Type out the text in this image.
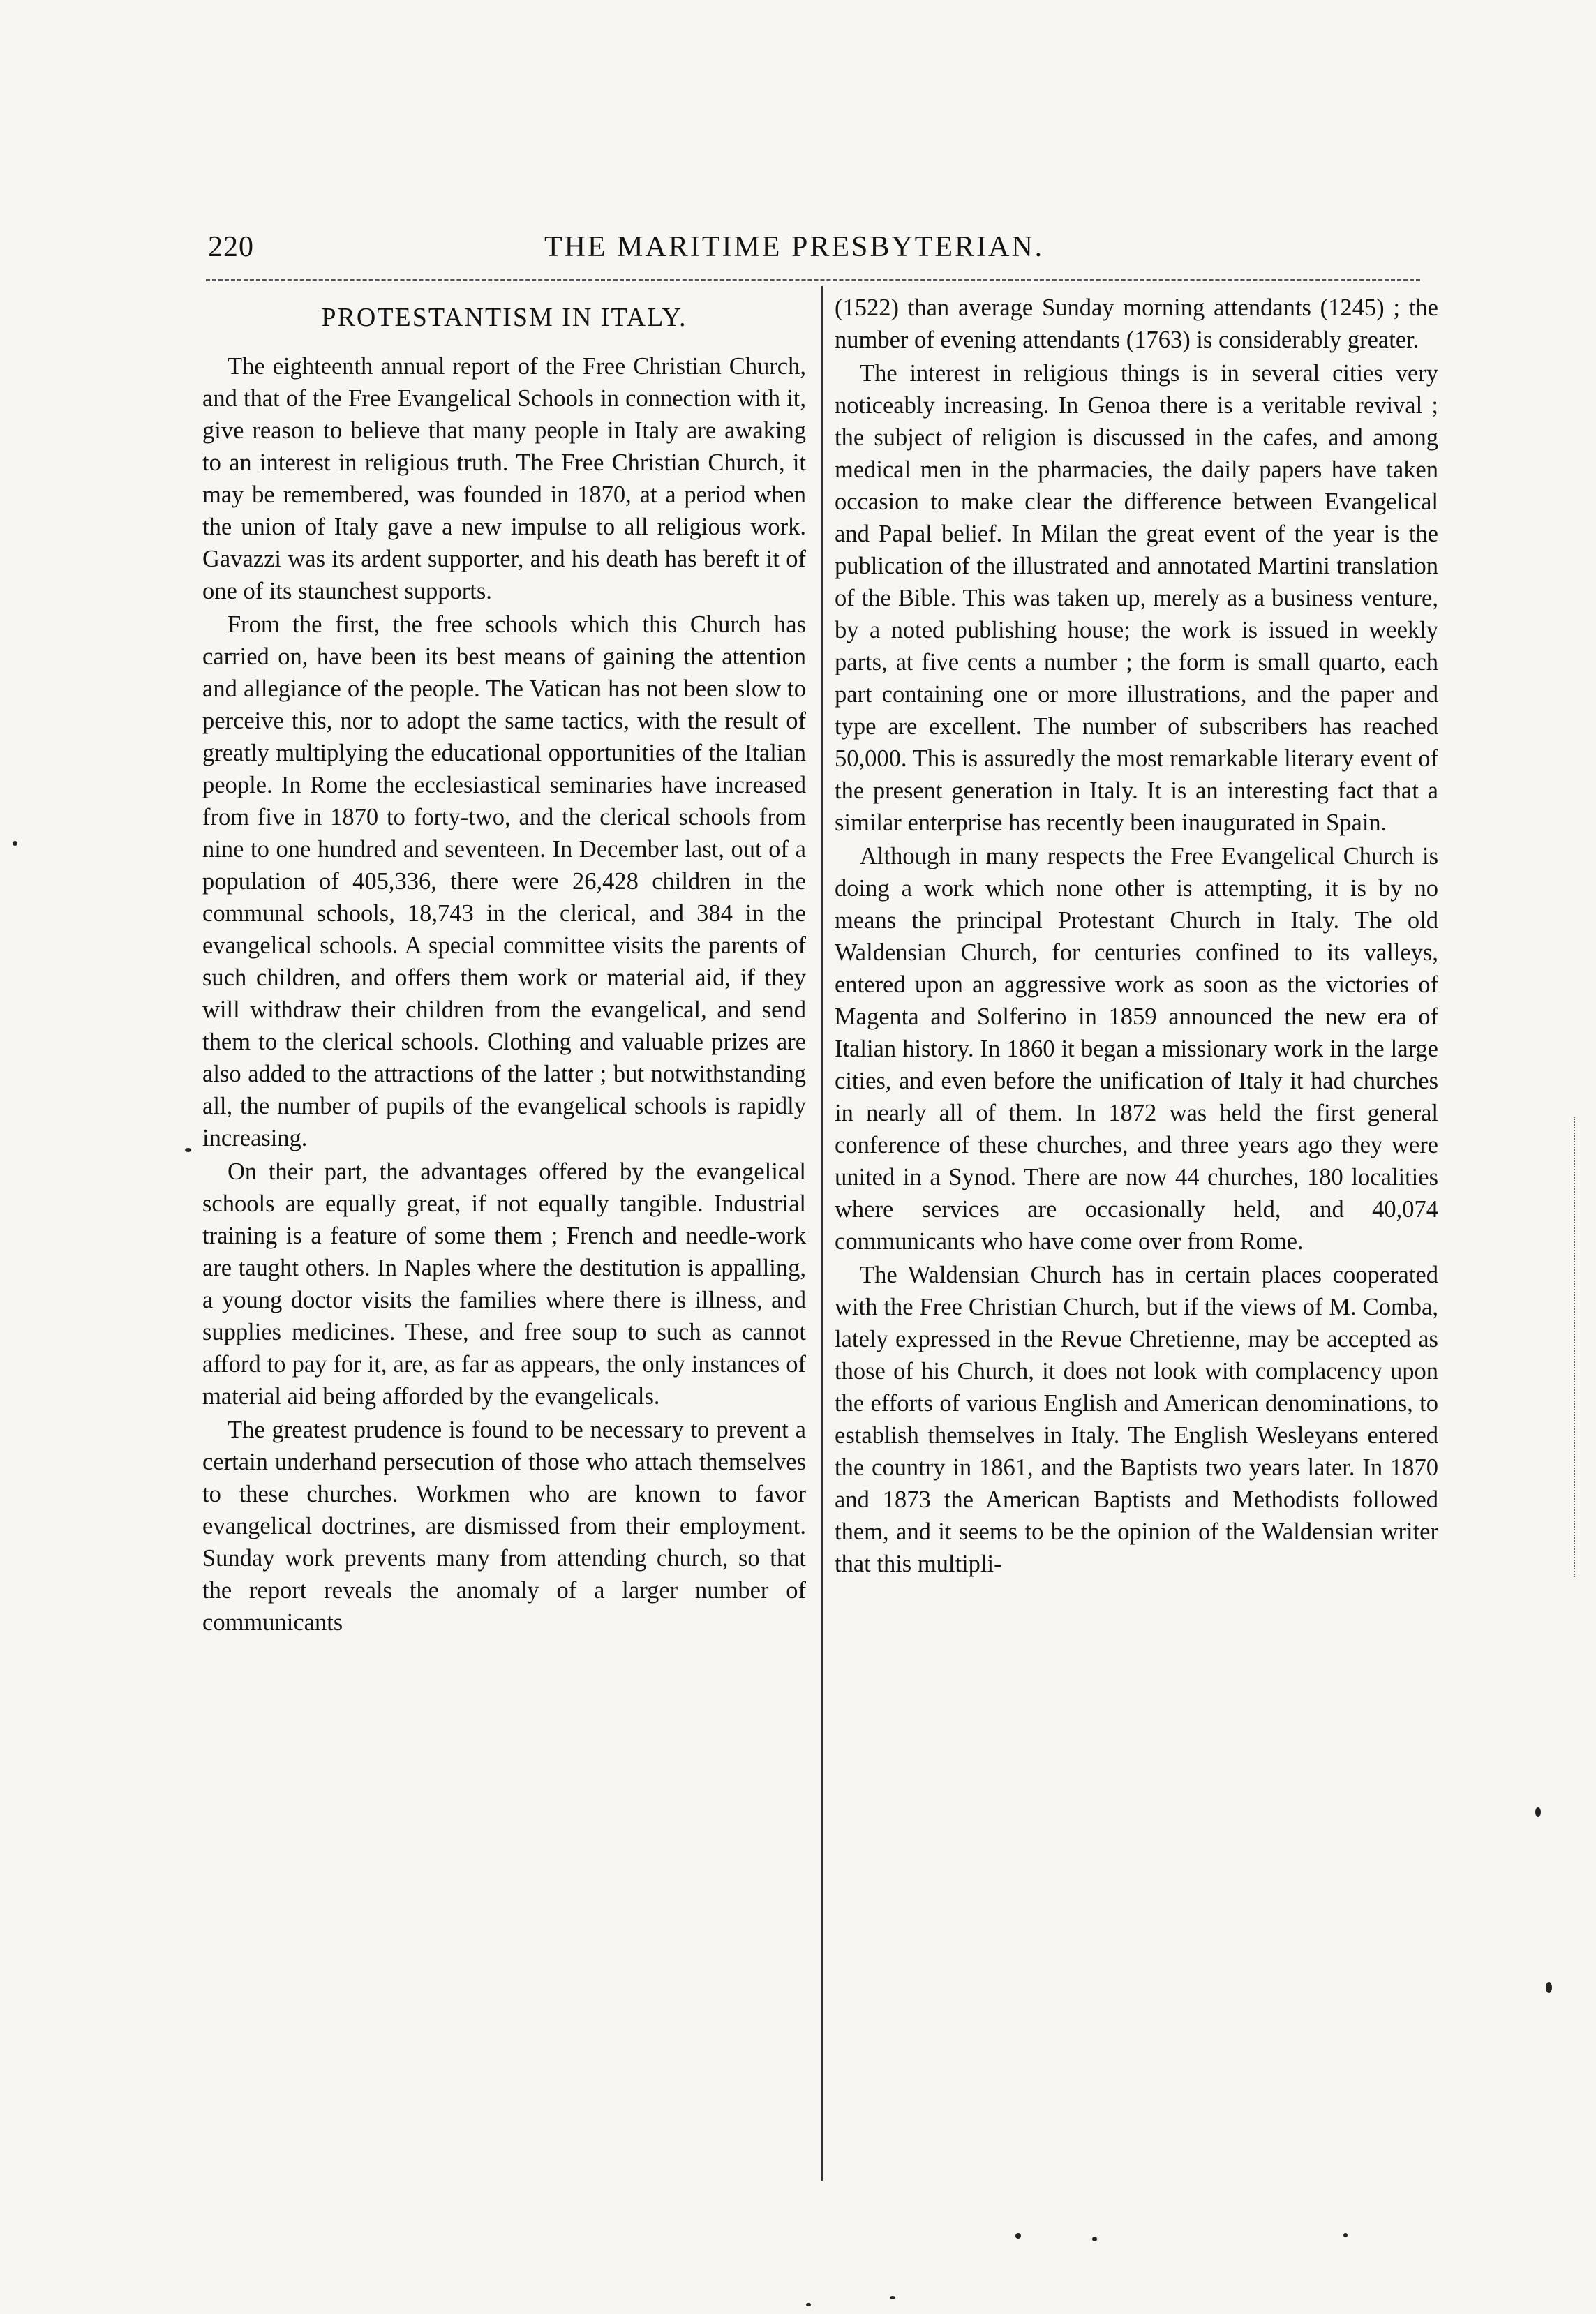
220	THE MARITIME PRESBYTERIAN.
PROTESTANTISM IN ITALY.

The eighteenth annual report of the Free Christian Church, and that of the Free Evangelical Schools in connection with it, give reason to believe that many people in Italy are awaking to an interest in religious truth. The Free Christian Church, it may be remembered, was founded in 1870, at a period when the union of Italy gave a new impulse to all religious work. Gavazzi was its ardent supporter, and his death has bereft it of one of its staunchest supports.

From the first, the free schools which this Church has carried on, have been its best means of gaining the attention and allegiance of the people. The Vatican has not been slow to perceive this, nor to adopt the same tactics, with the result of greatly multiplying the educational opportunities of the Italian people. In Rome the ecclesiastical seminaries have increased from five in 1870 to forty-two, and the clerical schools from nine to one hundred and seventeen. In December last, out of a population of 405,336, there were 26,428 children in the communal schools, 18,743 in the clerical, and 384 in the evangelical schools. A special committee visits the parents of such children, and offers them work or material aid, if they will withdraw their children from the evangelical, and send them to the clerical schools. Clothing and valuable prizes are also added to the attractions of the latter ; but notwithstanding all, the number of pupils of the evangelical schools is rapidly increasing.

On their part, the advantages offered by the evangelical schools are equally great, if not equally tangible. Industrial training is a feature of some them ; French and needle-work are taught others. In Naples where the destitution is appalling, a young doctor visits the families where there is illness, and supplies medicines. These, and free soup to such as cannot afford to pay for it, are, as far as appears, the only instances of material aid being afforded by the evangelicals.

The greatest prudence is found to be necessary to prevent a certain underhand persecution of those who attach themselves to these churches. Workmen who are known to favor evangelical doctrines, are dismissed from their employment. Sunday work prevents many from attending church, so that the report reveals the anomaly of a larger number of communicants

(1522) than average Sunday morning attendants (1245) ; the number of evening attendants (1763) is considerably greater.

The interest in religious things is in several cities very noticeably increasing. In Genoa there is a veritable revival ; the subject of religion is discussed in the cafes, and among medical men in the pharmacies, the daily papers have taken occasion to make clear the difference between Evangelical and Papal belief. In Milan the great event of the year is the publication of the illustrated and annotated Martini translation of the Bible. This was taken up, merely as a business venture, by a noted publishing house; the work is issued in weekly parts, at five cents a number ; the form is small quarto, each part containing one or more illustrations, and the paper and type are excellent. The number of subscribers has reached 50,000. This is assuredly the most remarkable literary event of the present generation in Italy. It is an interesting fact that a similar enterprise has recently been inaugurated in Spain.

Although in many respects the Free Evangelical Church is doing a work which none other is attempting, it is by no means the principal Protestant Church in Italy. The old Waldensian Church, for centuries confined to its valleys, entered upon an aggressive work as soon as the victories of Magenta and Solferino in 1859 announced the new era of Italian history. In 1860 it began a missionary work in the large cities, and even before the unification of Italy it had churches in nearly all of them. In 1872 was held the first general conference of these churches, and three years ago they were united in a Synod. There are now 44 churches, 180 localities where services are occasionally held, and 40,074 communicants who have come over from Rome.

The Waldensian Church has in certain places cooperated with the Free Christian Church, but if the views of M. Comba, lately expressed in the Revue Chretienne, may be accepted as those of his Church, it does not look with complacency upon the efforts of various English and American denominations, to establish themselves in Italy. The English Wesleyans entered the country in 1861, and the Baptists two years later. In 1870 and 1873 the American Baptists and Methodists followed them, and it seems to be the opinion of the Waldensian writer that this multipli-
